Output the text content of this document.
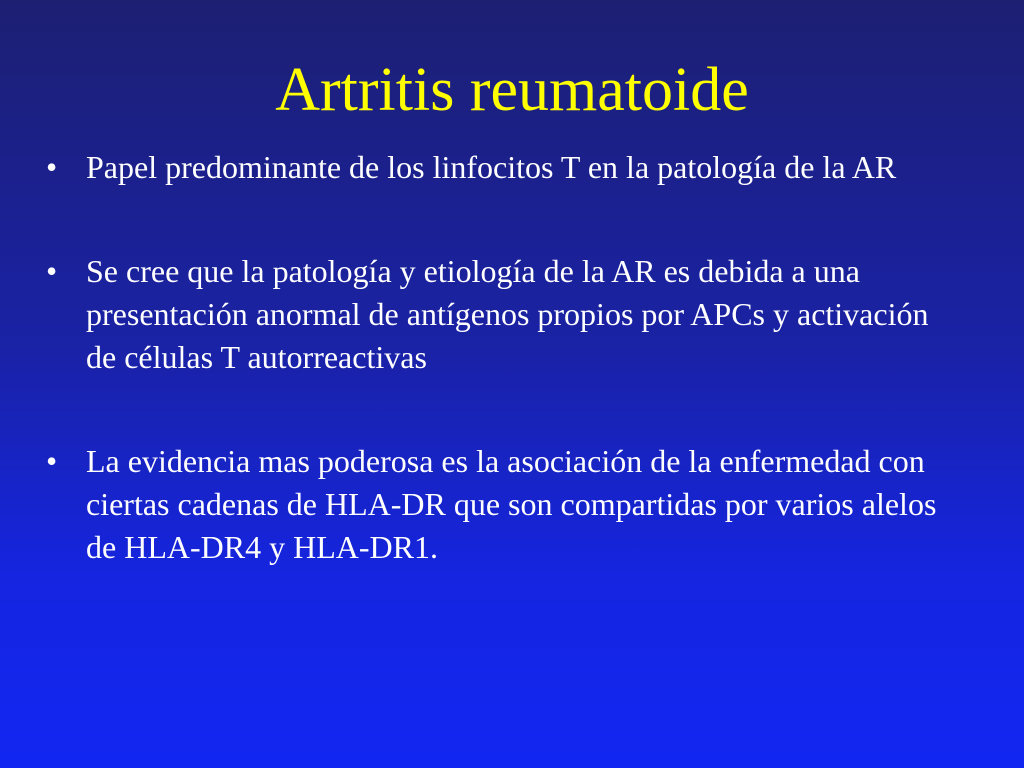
Artritis reumatoide
• Papel predominante de los linfocitos T en la patología de la AR
• Se cree que la patología y etiología de la AR es debida a una presentación anormal de antígenos propios por APCs y activación de células T autorreactivas
• La evidencia mas poderosa es la asociación de la enfermedad con ciertas cadenas de HLA-DR que son compartidas por varios alelos de HLA-DR4 y HLA-DR1.
